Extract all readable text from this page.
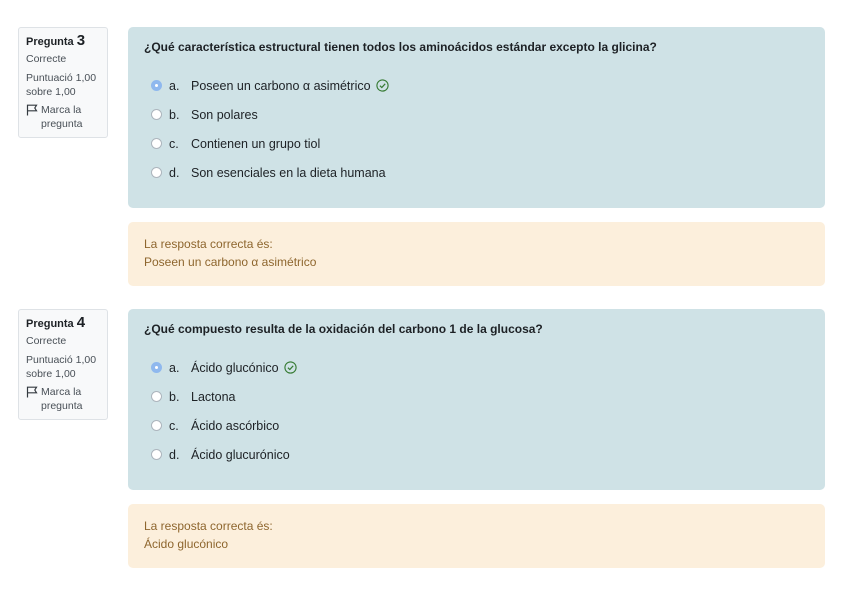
Pregunta 3
Correcte
Puntuació 1,00 sobre 1,00
Marca la pregunta
¿Qué característica estructural tienen todos los aminoácidos estándar excepto la glicina?
a. Poseen un carbono α asimétrico
b. Son polares
c. Contienen un grupo tiol
d. Son esenciales en la dieta humana
La resposta correcta és:
Poseen un carbono α asimétrico
Pregunta 4
Correcte
Puntuació 1,00 sobre 1,00
Marca la pregunta
¿Qué compuesto resulta de la oxidación del carbono 1 de la glucosa?
a. Ácido glucónico
b. Lactona
c. Ácido ascórbico
d. Ácido glucurónico
La resposta correcta és:
Ácido glucónico
